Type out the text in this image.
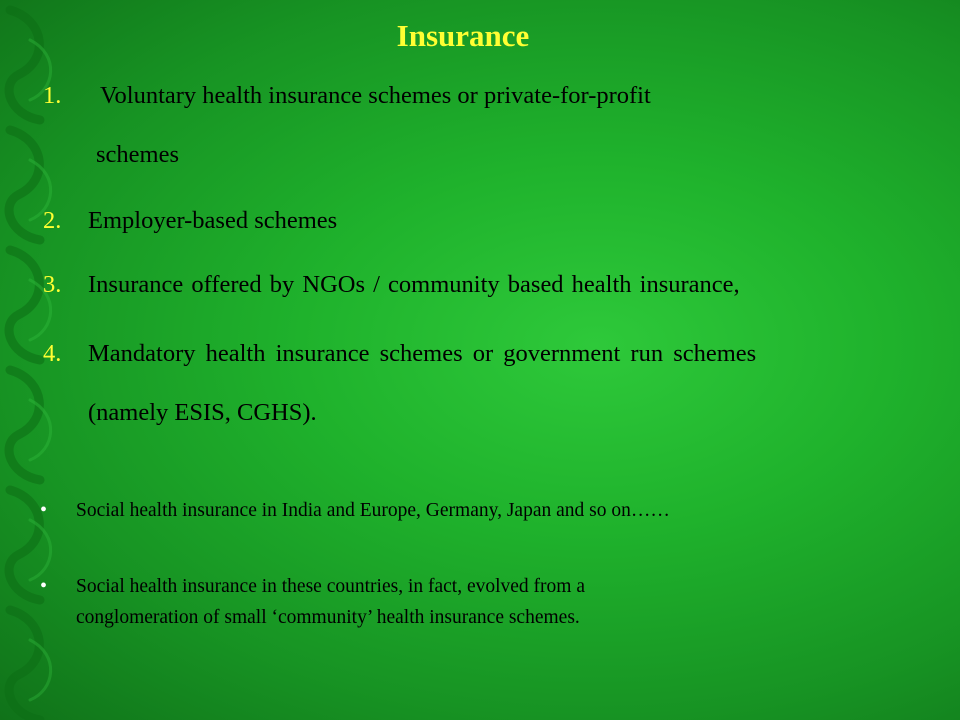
Insurance
1. Voluntary health insurance schemes or private-for-profit
schemes
2. Employer-based schemes
3. Insurance offered by NGOs / community based health insurance,
4. Mandatory health insurance schemes or government run schemes
(namely ESIS, CGHS).
• Social health insurance in India and Europe, Germany, Japan and so on……
• Social health insurance in these countries, in fact, evolved from a
conglomeration of small ‘community’ health insurance schemes.
